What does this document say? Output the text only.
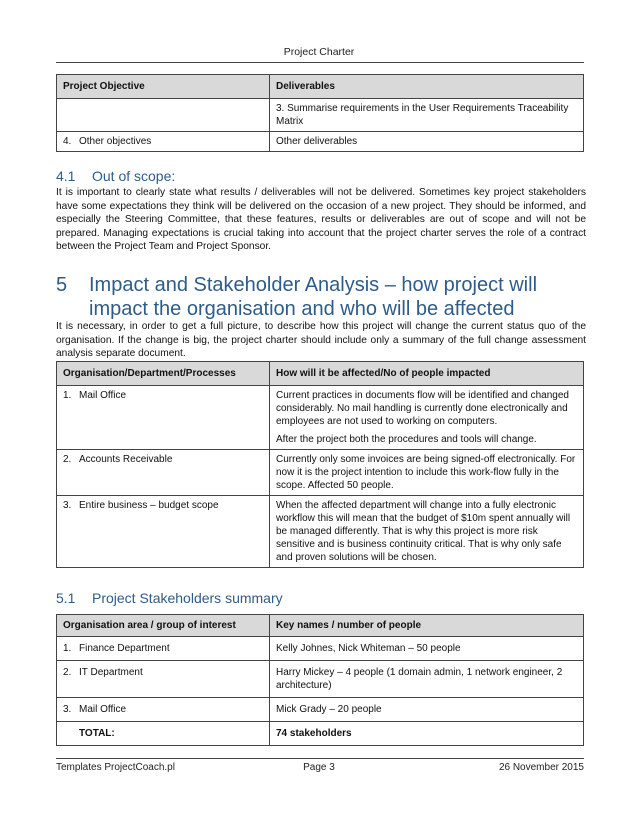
Project Charter
Project Objective	Deliverables
	3. Summarise requirements in the User Requirements Traceability Matrix
4. Other objectives	Other deliverables
4.1 Out of scope:

It is important to clearly state what results / deliverables will not be delivered. Sometimes key project stakeholders have some expectations they think will be delivered on the occasion of a new project. They should be informed, and especially the Steering Committee, that these features, results or deliverables are out of scope and will not be prepared. Managing expectations is crucial taking into account that the project charter serves the role of a contract between the Project Team and Project Sponsor.

5	Impact and Stakeholder Analysis – how project will impact the organisation and who will be affected

It is necessary, in order to get a full picture, to describe how this project will change the current status quo of the organisation. If the change is big, the project charter should include only a summary of the full change assessment analysis separate document.

Organisation/Department/Processes	How will it be affected/No of people impacted
1. Mail Office	Current practices in documents flow will be identified and changed considerably. No mail handling is currently done electronically and employees are not used to working on computers.

After the project both the procedures and tools will change.

2. Accounts Receivable	Currently only some invoices are being signed-off electronically. For now it is the project intention to include this work-flow fully in the scope. Affected 50 people.

3. Entire business – budget scope	When the affected department will change into a fully electronic workflow this will mean that the budget of $10m spent annually will be managed differently. That is why this project is more risk sensitive and is business continuity critical. That is why only safe and proven solutions will be chosen.

5.1 Project Stakeholders summary
Organisation area / group of interest	Key names / number of people
1. Finance Department	Kelly Johnes, Nick Whiteman – 50 people
2. IT Department	Harry Mickey – 4 people (1 domain admin, 1 network engineer, 2 architecture)
3. Mail Office	Mick Grady – 20 people
TOTAL:	74 stakeholders
Templates ProjectCoach.pl	Page 3	26 November 2015
